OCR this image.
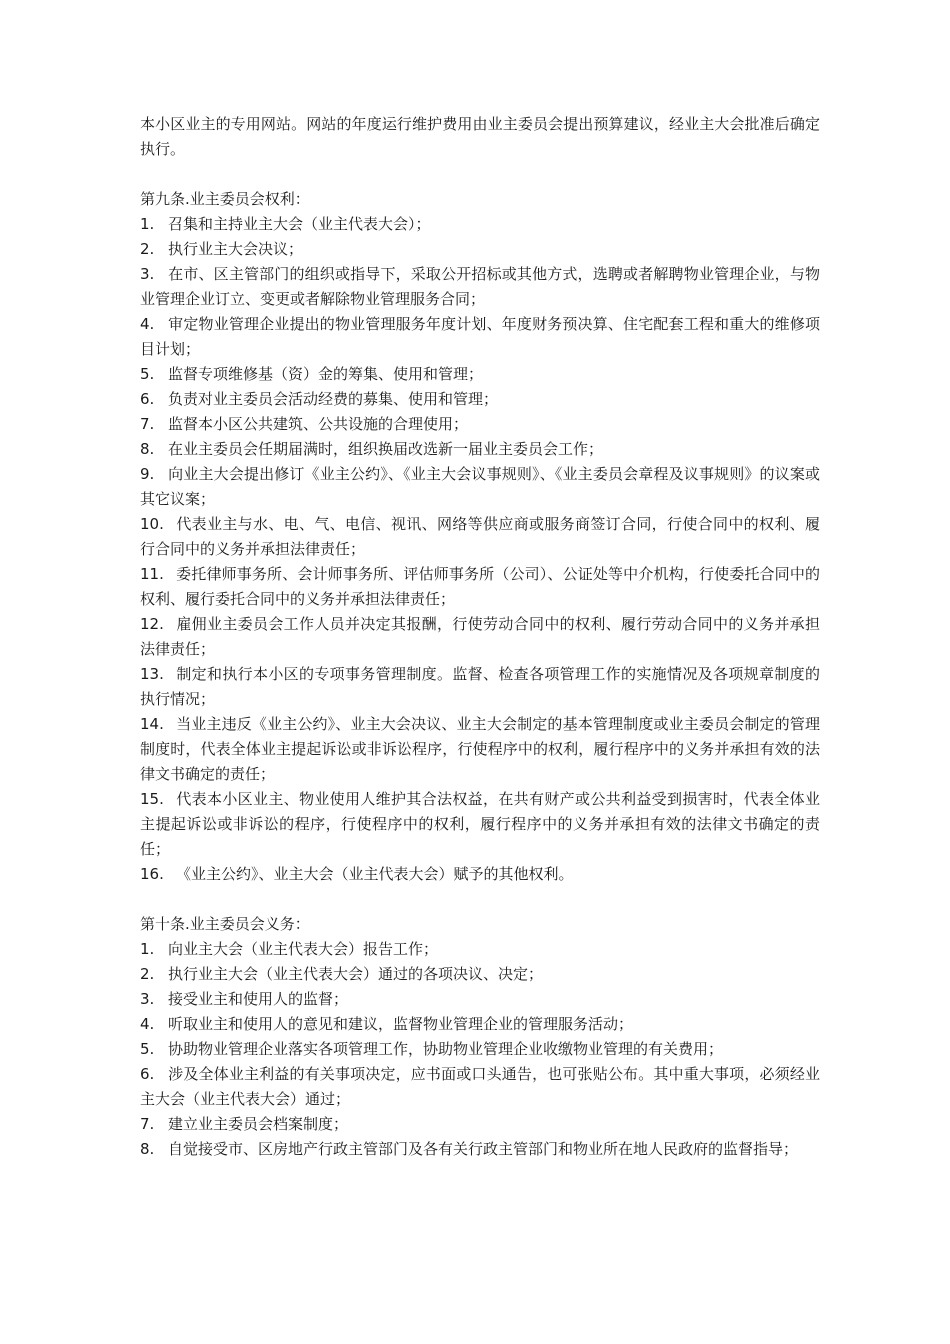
本小区业主的专用网站。网站的年度运行维护费用由业主委员会提出预算建议，经业主大会批准后确定执行。

第九条.业主委员会权利：

1. 召集和主持业主大会（业主代表大会）；

2. 执行业主大会决议；

3. 在市、区主管部门的组织或指导下，采取公开招标或其他方式，选聘或者解聘物业管理企业，与物业管理企业订立、变更或者解除物业管理服务合同；

4. 审定物业管理企业提出的物业管理服务年度计划、年度财务预决算、住宅配套工程和重大的维修项目计划；

5. 监督专项维修基（资）金的筹集、使用和管理；

6. 负责对业主委员会活动经费的募集、使用和管理；

7. 监督本小区公共建筑、公共设施的合理使用；

8. 在业主委员会任期届满时，组织换届改选新一届业主委员会工作；

9. 向业主大会提出修订《业主公约》、《业主大会议事规则》、《业主委员会章程及议事规则》的议案或其它议案；

10. 代表业主与水、电、气、电信、视讯、网络等供应商或服务商签订合同，行使合同中的权利、履行合同中的义务并承担法律责任；

11. 委托律师事务所、会计师事务所、评估师事务所（公司）、公证处等中介机构，行使委托合同中的权利、履行委托合同中的义务并承担法律责任；

12. 雇佣业主委员会工作人员并决定其报酬，行使劳动合同中的权利、履行劳动合同中的义务并承担法律责任；

13. 制定和执行本小区的专项事务管理制度。监督、检查各项管理工作的实施情况及各项规章制度的执行情况；

14. 当业主违反《业主公约》、业主大会决议、业主大会制定的基本管理制度或业主委员会制定的管理制度时，代表全体业主提起诉讼或非诉讼程序，行使程序中的权利，履行程序中的义务并承担有效的法律文书确定的责任；

15. 代表本小区业主、物业使用人维护其合法权益，在共有财产或公共利益受到损害时，代表全体业主提起诉讼或非诉讼的程序，行使程序中的权利，履行程序中的义务并承担有效的法律文书确定的责任；

16. 《业主公约》、业主大会（业主代表大会）赋予的其他权利。

第十条.业主委员会义务：

1. 向业主大会（业主代表大会）报告工作；

2. 执行业主大会（业主代表大会）通过的各项决议、决定；

3. 接受业主和使用人的监督；

4. 听取业主和使用人的意见和建议，监督物业管理企业的管理服务活动；

5. 协助物业管理企业落实各项管理工作，协助物业管理企业收缴物业管理的有关费用；

6. 涉及全体业主利益的有关事项决定，应书面或口头通告，也可张贴公布。其中重大事项，必须经业主大会（业主代表大会）通过；

7. 建立业主委员会档案制度；

8. 自觉接受市、区房地产行政主管部门及各有关行政主管部门和物业所在地人民政府的监督指导；
